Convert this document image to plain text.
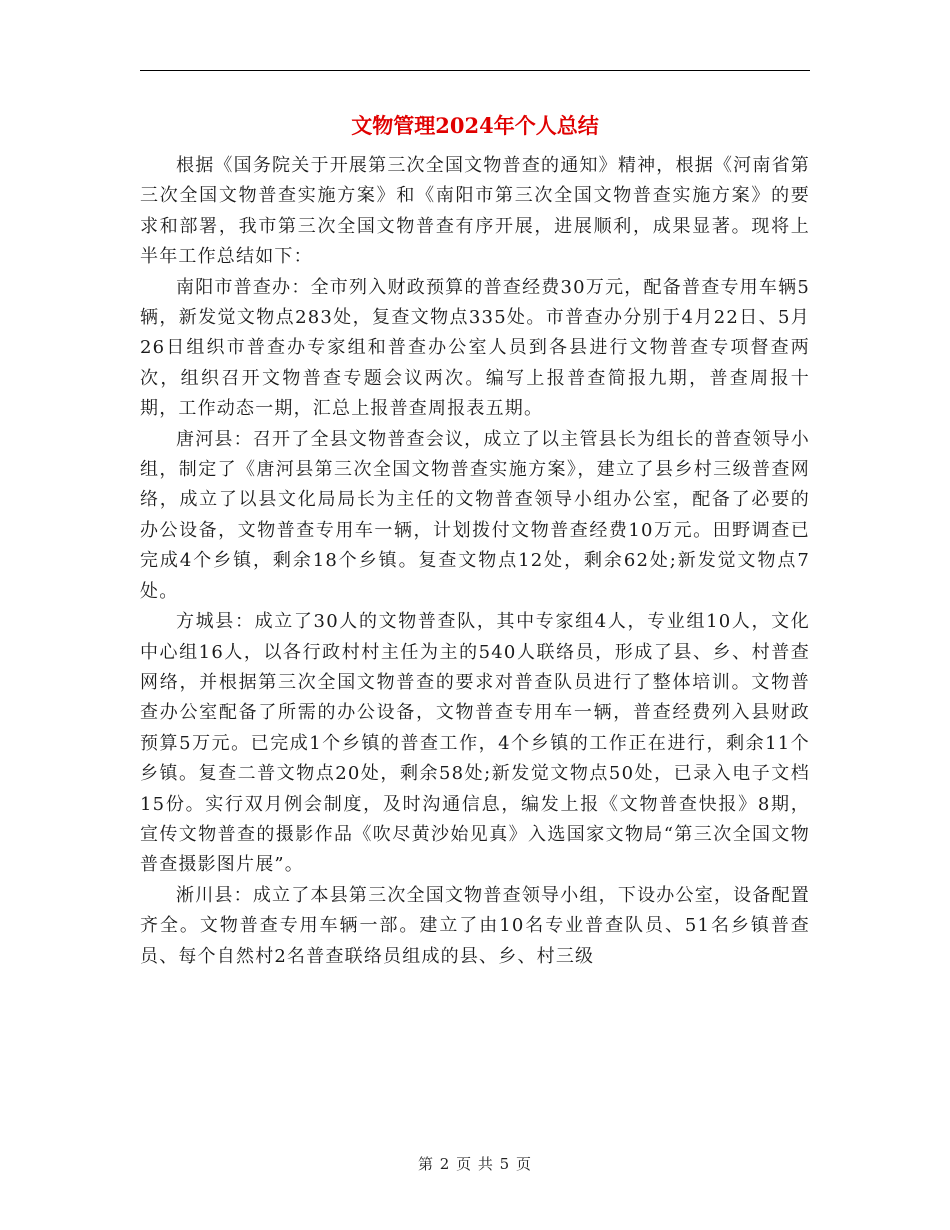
文物管理2024年个人总结

根据《国务院关于开展第三次全国文物普查的通知》精神，根据《河南省第三次全国文物普查实施方案》和《南阳市第三次全国文物普查实施方案》的要求和部署，我市第三次全国文物普查有序开展，进展顺利，成果显著。现将上半年工作总结如下：

南阳市普查办：全市列入财政预算的普查经费30万元，配备普查专用车辆5辆，新发觉文物点283处，复查文物点335处。市普查办分别于4月22日、5月26日组织市普查办专家组和普查办公室人员到各县进行文物普查专项督查两次，组织召开文物普查专题会议两次。编写上报普查简报九期，普查周报十期，工作动态一期，汇总上报普查周报表五期。

唐河县：召开了全县文物普查会议，成立了以主管县长为组长的普查领导小组，制定了《唐河县第三次全国文物普查实施方案》，建立了县乡村三级普查网络，成立了以县文化局局长为主任的文物普查领导小组办公室，配备了必要的办公设备，文物普查专用车一辆，计划拨付文物普查经费10万元。田野调查已完成4个乡镇，剩余18个乡镇。复查文物点12处，剩余62处;新发觉文物点7处。

方城县：成立了30人的文物普查队，其中专家组4人，专业组10人，文化中心组16人，以各行政村村主任为主的540人联络员，形成了县、乡、村普查网络，并根据第三次全国文物普查的要求对普查队员进行了整体培训。文物普查办公室配备了所需的办公设备，文物普查专用车一辆，普查经费列入县财政预算5万元。已完成1个乡镇的普查工作，4个乡镇的工作正在进行，剩余11个乡镇。复查二普文物点20处，剩余58处;新发觉文物点50处，已录入电子文档15份。实行双月例会制度，及时沟通信息，编发上报《文物普查快报》8期，宣传文物普查的摄影作品《吹尽黄沙始见真》入选国家文物局“第三次全国文物普查摄影图片展”。

淅川县：成立了本县第三次全国文物普查领导小组，下设办公室，设备配置齐全。文物普查专用车辆一部。建立了由10名专业普查队员、51名乡镇普查员、每个自然村2名普查联络员组成的县、乡、村三级

第 2 页 共 5 页
